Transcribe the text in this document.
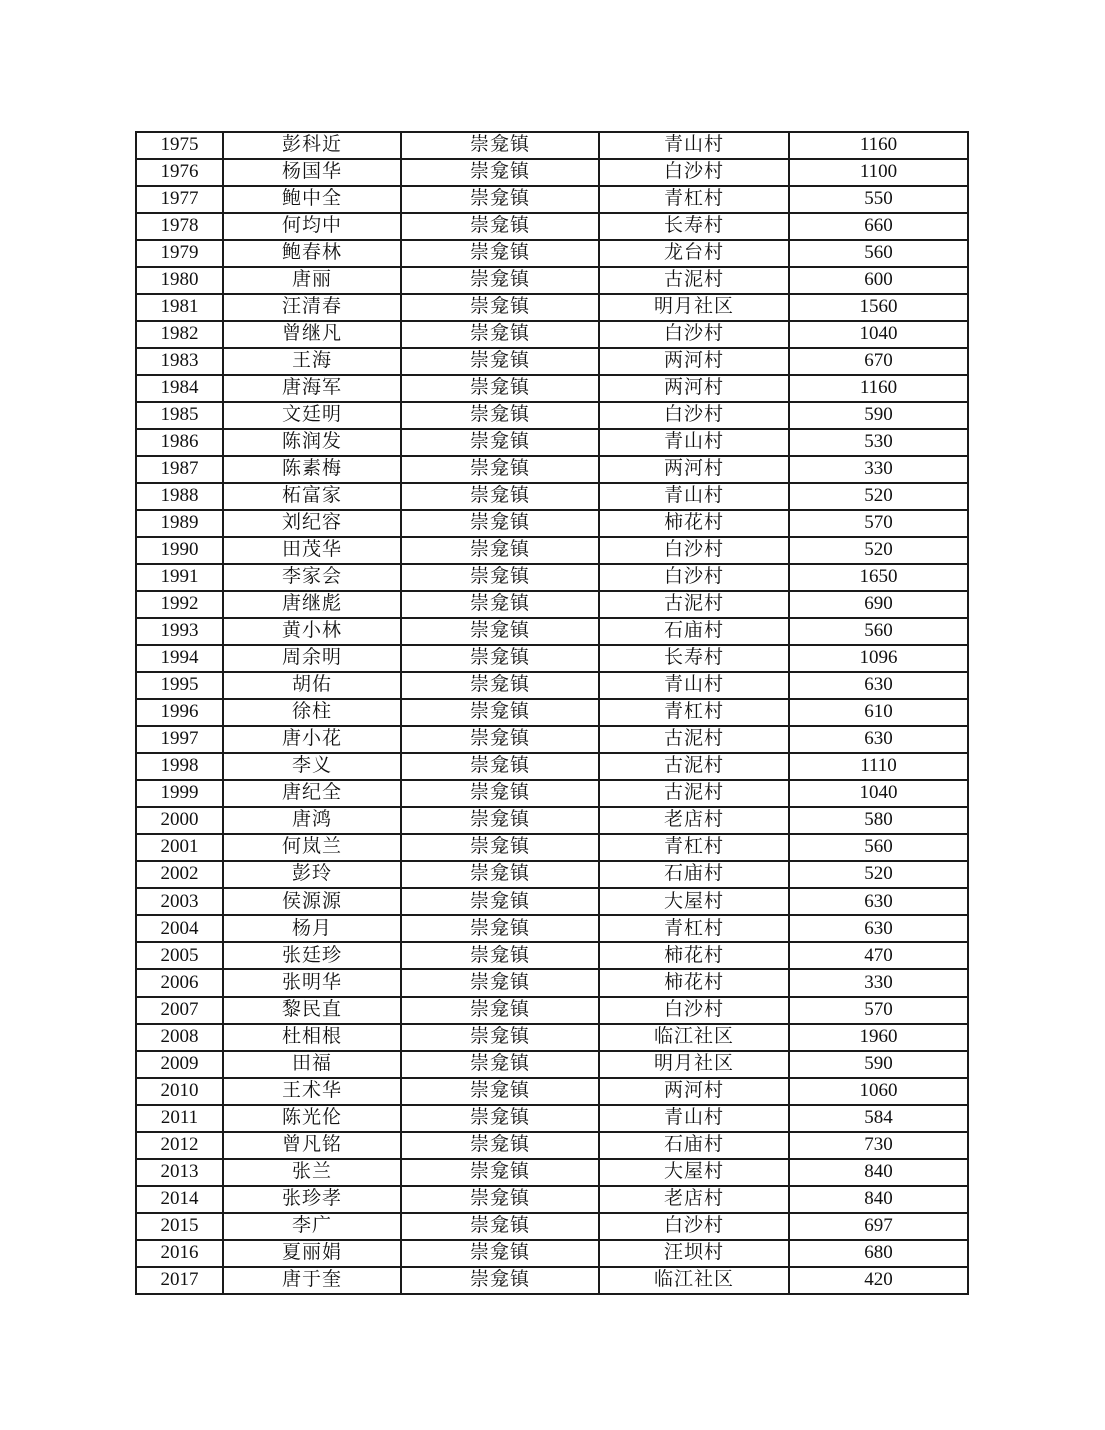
1975	彭科近	崇龛镇	青山村	1160
1976	杨国华	崇龛镇	白沙村	1100
1977	鲍中全	崇龛镇	青杠村	550
1978	何均中	崇龛镇	长寿村	660
1979	鲍春林	崇龛镇	龙台村	560
1980	唐丽	崇龛镇	古泥村	600
1981	汪清春	崇龛镇	明月社区	1560
1982	曾继凡	崇龛镇	白沙村	1040
1983	王海	崇龛镇	两河村	670
1984	唐海军	崇龛镇	两河村	1160
1985	文廷明	崇龛镇	白沙村	590
1986	陈润发	崇龛镇	青山村	530
1987	陈素梅	崇龛镇	两河村	330
1988	柘富家	崇龛镇	青山村	520
1989	刘纪容	崇龛镇	柿花村	570
1990	田茂华	崇龛镇	白沙村	520
1991	李家会	崇龛镇	白沙村	1650
1992	唐继彪	崇龛镇	古泥村	690
1993	黄小林	崇龛镇	石庙村	560
1994	周余明	崇龛镇	长寿村	1096
1995	胡佑	崇龛镇	青山村	630
1996	徐柱	崇龛镇	青杠村	610
1997	唐小花	崇龛镇	古泥村	630
1998	李义	崇龛镇	古泥村	1110
1999	唐纪全	崇龛镇	古泥村	1040
2000	唐鸿	崇龛镇	老店村	580
2001	何岚兰	崇龛镇	青杠村	560
2002	彭玲	崇龛镇	石庙村	520
2003	侯源源	崇龛镇	大屋村	630
2004	杨月	崇龛镇	青杠村	630
2005	张廷珍	崇龛镇	柿花村	470
2006	张明华	崇龛镇	柿花村	330
2007	黎民直	崇龛镇	白沙村	570
2008	杜相根	崇龛镇	临江社区	1960
2009	田福	崇龛镇	明月社区	590
2010	王术华	崇龛镇	两河村	1060
2011	陈光伦	崇龛镇	青山村	584
2012	曾凡铭	崇龛镇	石庙村	730
2013	张兰	崇龛镇	大屋村	840
2014	张珍孝	崇龛镇	老店村	840
2015	李广	崇龛镇	白沙村	697
2016	夏丽娟	崇龛镇	汪坝村	680
2017	唐于奎	崇龛镇	临江社区	420
